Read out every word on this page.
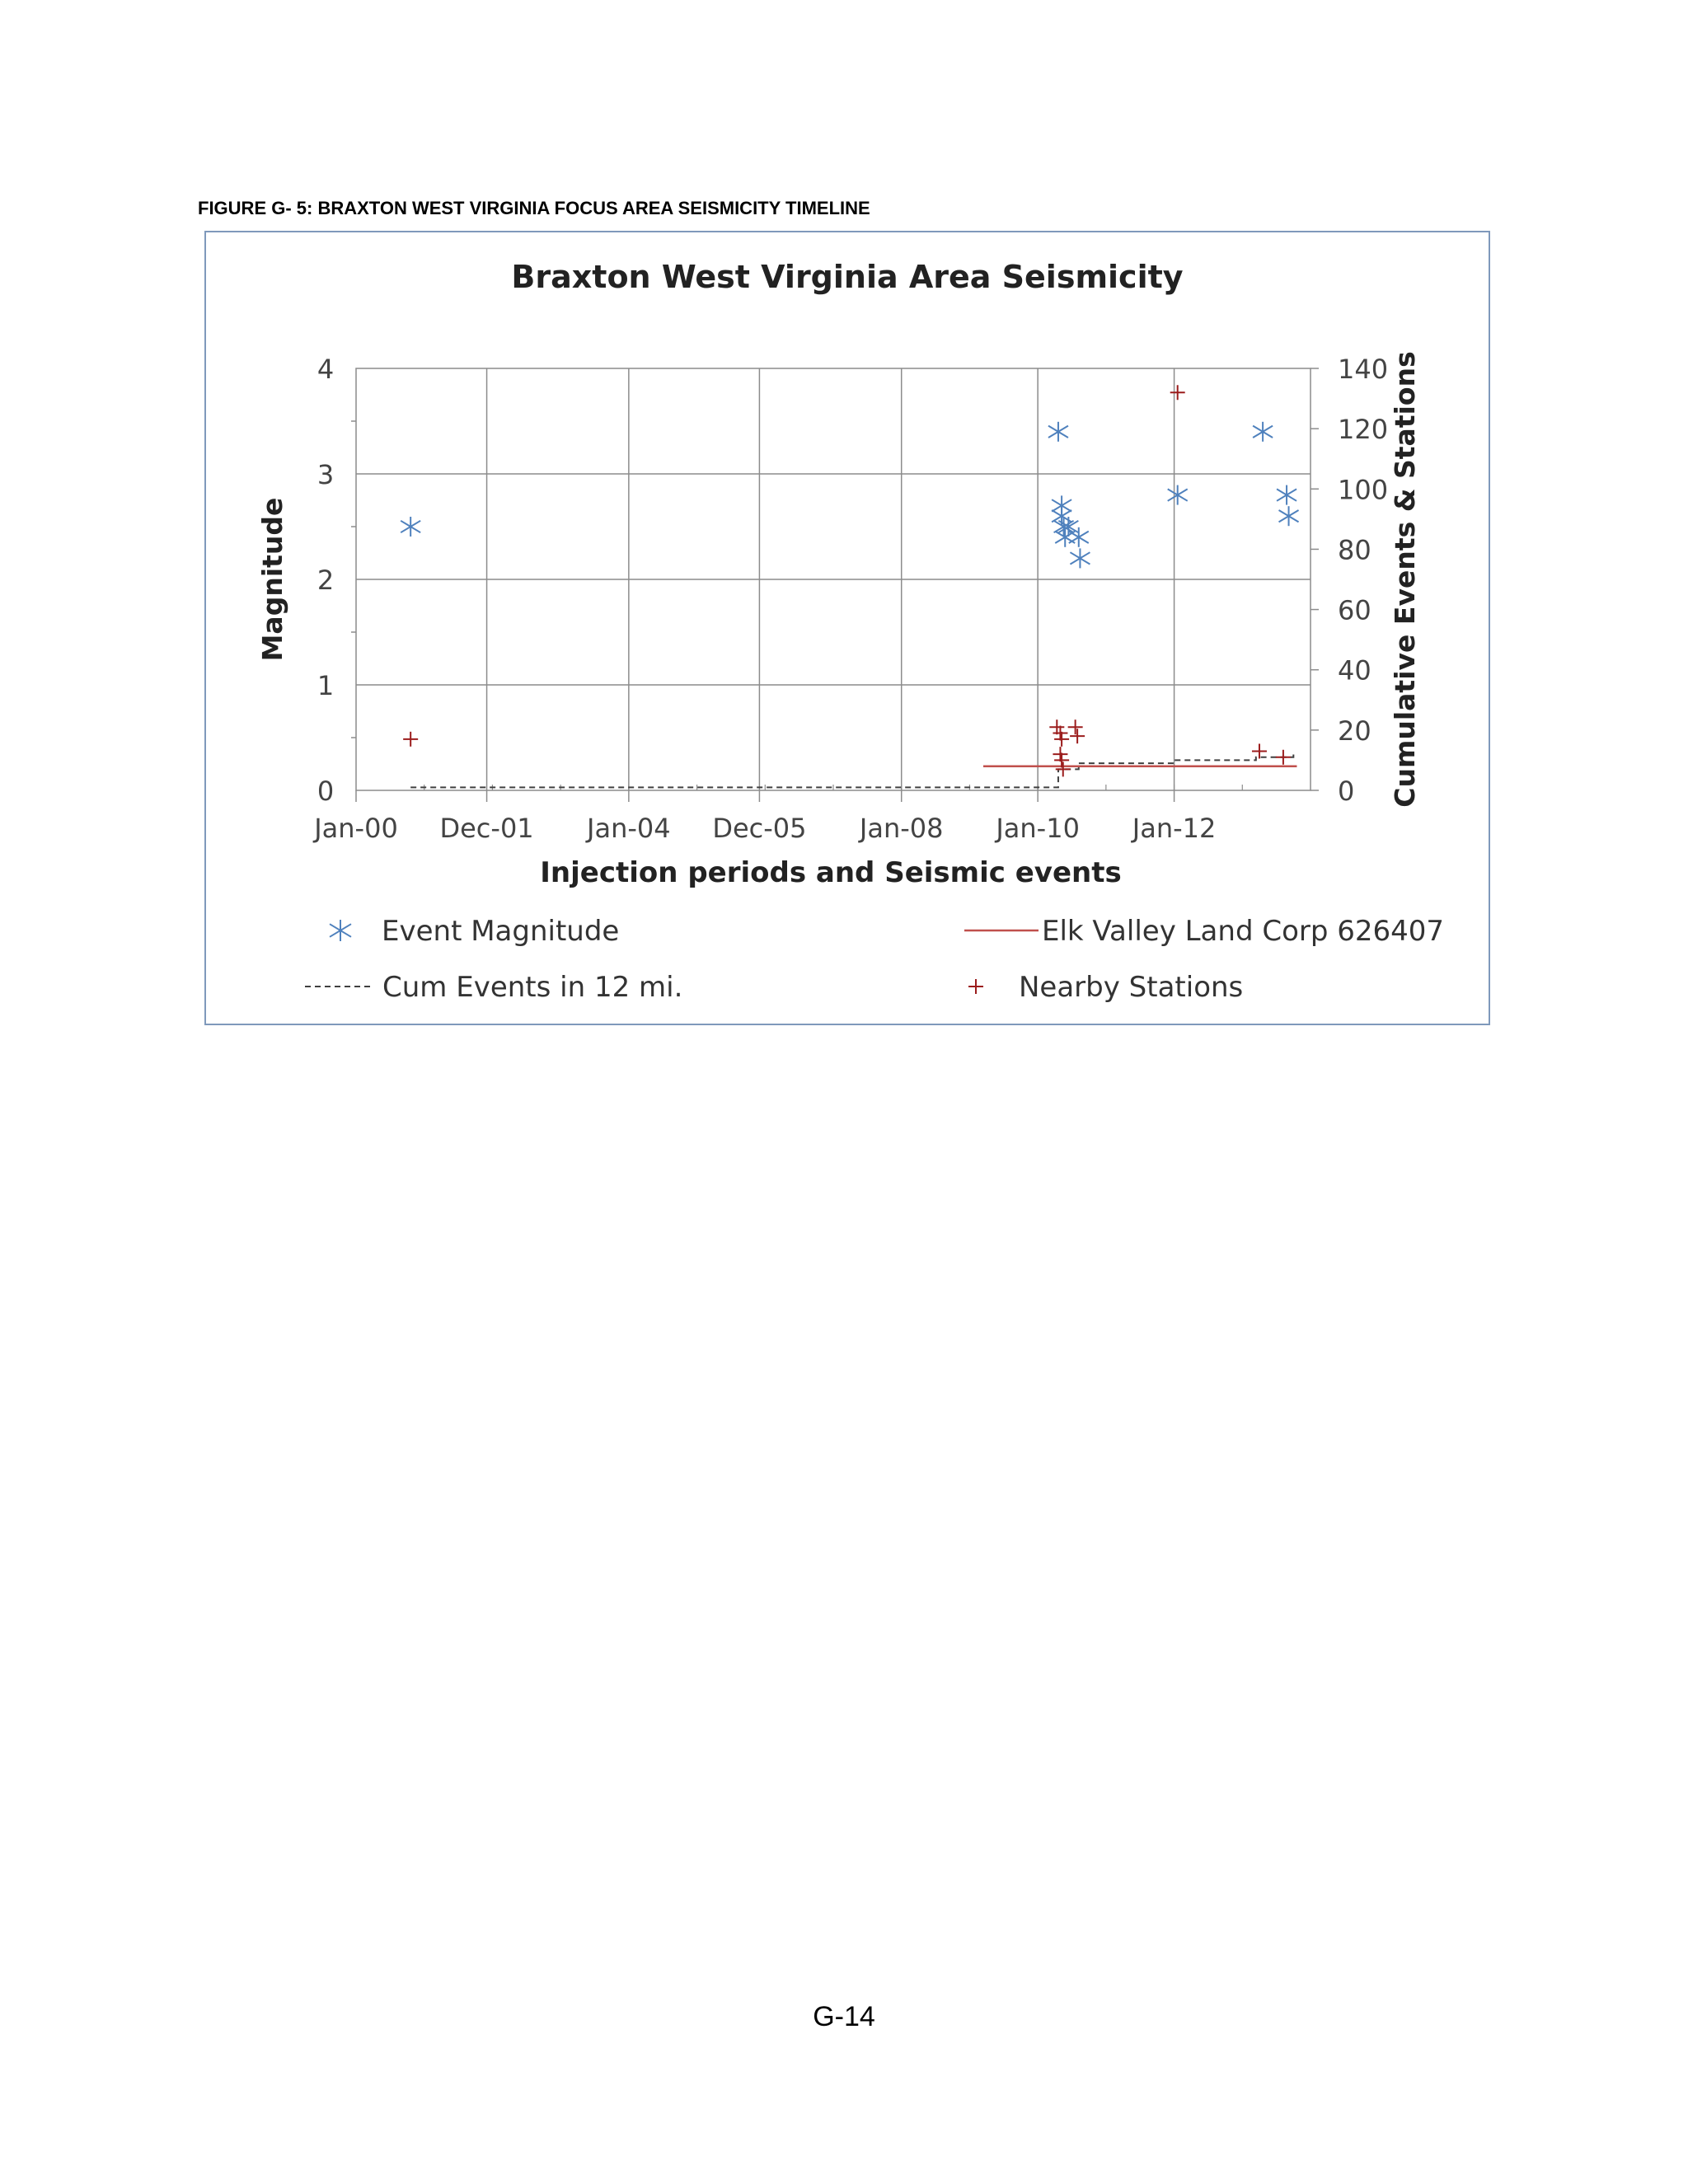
FIGURE G- 5: BRAXTON WEST VIRGINIA FOCUS AREA SEISMICITY TIMELINE
Braxton West Virginia Area Seismicity
0
1
2
3
4
Jan-00 Dec-01 Jan-04 Dec-05 Jan-08 Jan-10 Jan-12
0
20
40
60
80
100
120
140
Magnitude	Cumulative Events & Stations
Injection periods and Seismic events
Event Magnitude	Elk Valley Land Corp 626407
Cum Events in 12 mi.	Nearby Stations
G-14
